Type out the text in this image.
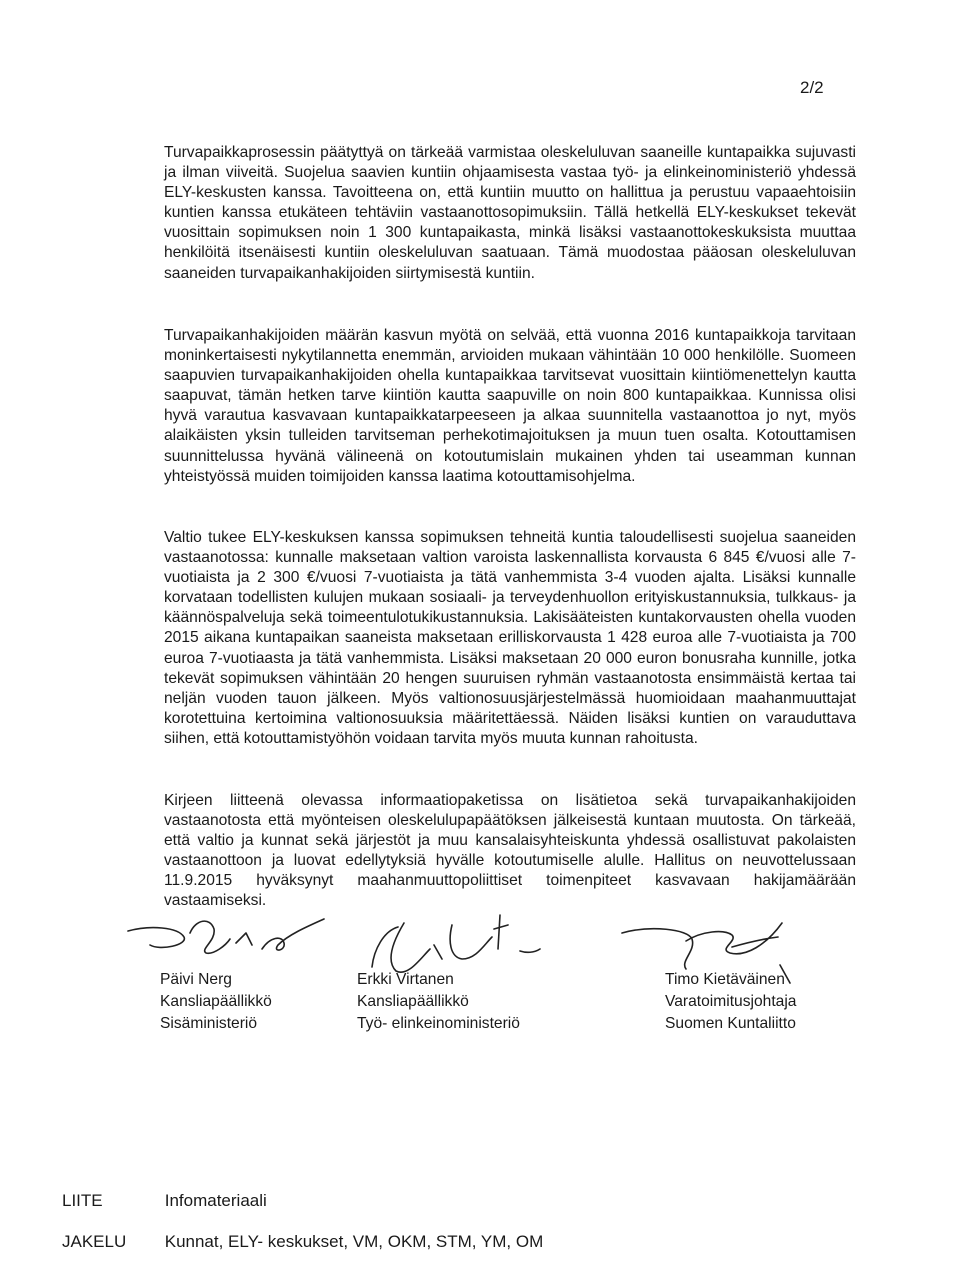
2/2

Turvapaikkaprosessin päätyttyä on tärkeää varmistaa oleskeluluvan saaneille kuntapaikka sujuvasti ja ilman viiveitä. Suojelua saavien kuntiin ohjaamisesta vastaa työ- ja elinkeinoministeriö yhdessä ELY-keskusten kanssa. Tavoitteena on, että kuntiin muutto on hallittua ja perustuu vapaaehtoisiin kuntien kanssa etukäteen tehtäviin vastaanottosopimuksiin. Tällä hetkellä ELY-keskukset tekevät vuosittain sopimuksen noin 1 300 kuntapaikasta, minkä lisäksi vastaanottokeskuksista muuttaa henkilöitä itsenäisesti kuntiin oleskeluluvan saatuaan. Tämä muodostaa pääosan oleskeluluvan saaneiden turvapaikanhakijoiden siirtymisestä kuntiin.

Turvapaikanhakijoiden määrän kasvun myötä on selvää, että vuonna 2016 kuntapaikkoja tarvitaan moninkertaisesti nykytilannetta enemmän, arvioiden mukaan vähintään 10 000 henkilölle. Suomeen saapuvien turvapaikanhakijoiden ohella kuntapaikkaa tarvitsevat vuosittain kiintiömenettelyn kautta saapuvat, tämän hetken tarve kiintiön kautta saapuville on noin 800 kuntapaikkaa. Kunnissa olisi hyvä varautua kasvavaan kuntapaikkatarpeeseen ja alkaa suunnitella vastaanottoa jo nyt, myös alaikäisten yksin tulleiden tarvitseman perhekotimajoituksen ja muun tuen osalta. Kotouttamisen suunnittelussa hyvänä välineenä on kotoutumislain mukainen yhden tai useamman kunnan yhteistyössä muiden toimijoiden kanssa laatima kotouttamisohjelma.

Valtio tukee ELY-keskuksen kanssa sopimuksen tehneitä kuntia taloudellisesti suojelua saaneiden vastaanotossa: kunnalle maksetaan valtion varoista laskennallista korvausta 6 845 €/vuosi alle 7-vuotiaista ja 2 300 €/vuosi 7-vuotiaista ja tätä vanhemmista 3-4 vuoden ajalta. Lisäksi kunnalle korvataan todellisten kulujen mukaan sosiaali- ja terveydenhuollon erityiskustannuksia, tulkkaus- ja käännöspalveluja sekä toimeentulotukikustannuksia. Lakisääteisten kuntakorvausten ohella vuoden 2015 aikana kuntapaikan saaneista maksetaan erilliskorvausta 1 428 euroa alle 7-vuotiaista ja 700 euroa 7-vuotiaasta ja tätä vanhemmista. Lisäksi maksetaan 20 000 euron bonusraha kunnille, jotka tekevät sopimuksen vähintään 20 hengen suuruisen ryhmän vastaanotosta ensimmäistä kertaa tai neljän vuoden tauon jälkeen. Myös valtionosuusjärjestelmässä huomioidaan maahanmuuttajat korotettuina kertoimina valtionosuuksia määritettäessä. Näiden lisäksi kuntien on varauduttava siihen, että kotouttamistyöhön voidaan tarvita myös muuta kunnan rahoitusta.

Kirjeen liitteenä olevassa informaatiopaketissa on lisätietoa sekä turvapaikanhakijoiden vastaanotosta että myönteisen oleskelulupapäätöksen jälkeisestä kuntaan muutosta. On tärkeää, että valtio ja kunnat sekä järjestöt ja muu kansalaisyhteiskunta yhdessä osallistuvat pakolaisten vastaanottoon ja luovat edellytyksiä hyvälle kotoutumiselle alulle. Hallitus on neuvottelussaan 11.9.2015 hyväksynyt maahanmuuttopoliittiset toimenpiteet kasvavaan hakijamäärään vastaamiseksi.

Päivi Nerg
Kansliapäällikkö
Sisäministeriö
Erkki Virtanen
Kansliapäällikkö
Työ- elinkeinoministeriö
Timo Kietäväinen
Varatoimitusjohtaja
Suomen Kuntaliitto
LIITE	Infomateriaali
JAKELU Kunnat, ELY- keskukset, VM, OKM, STM, YM, OM
